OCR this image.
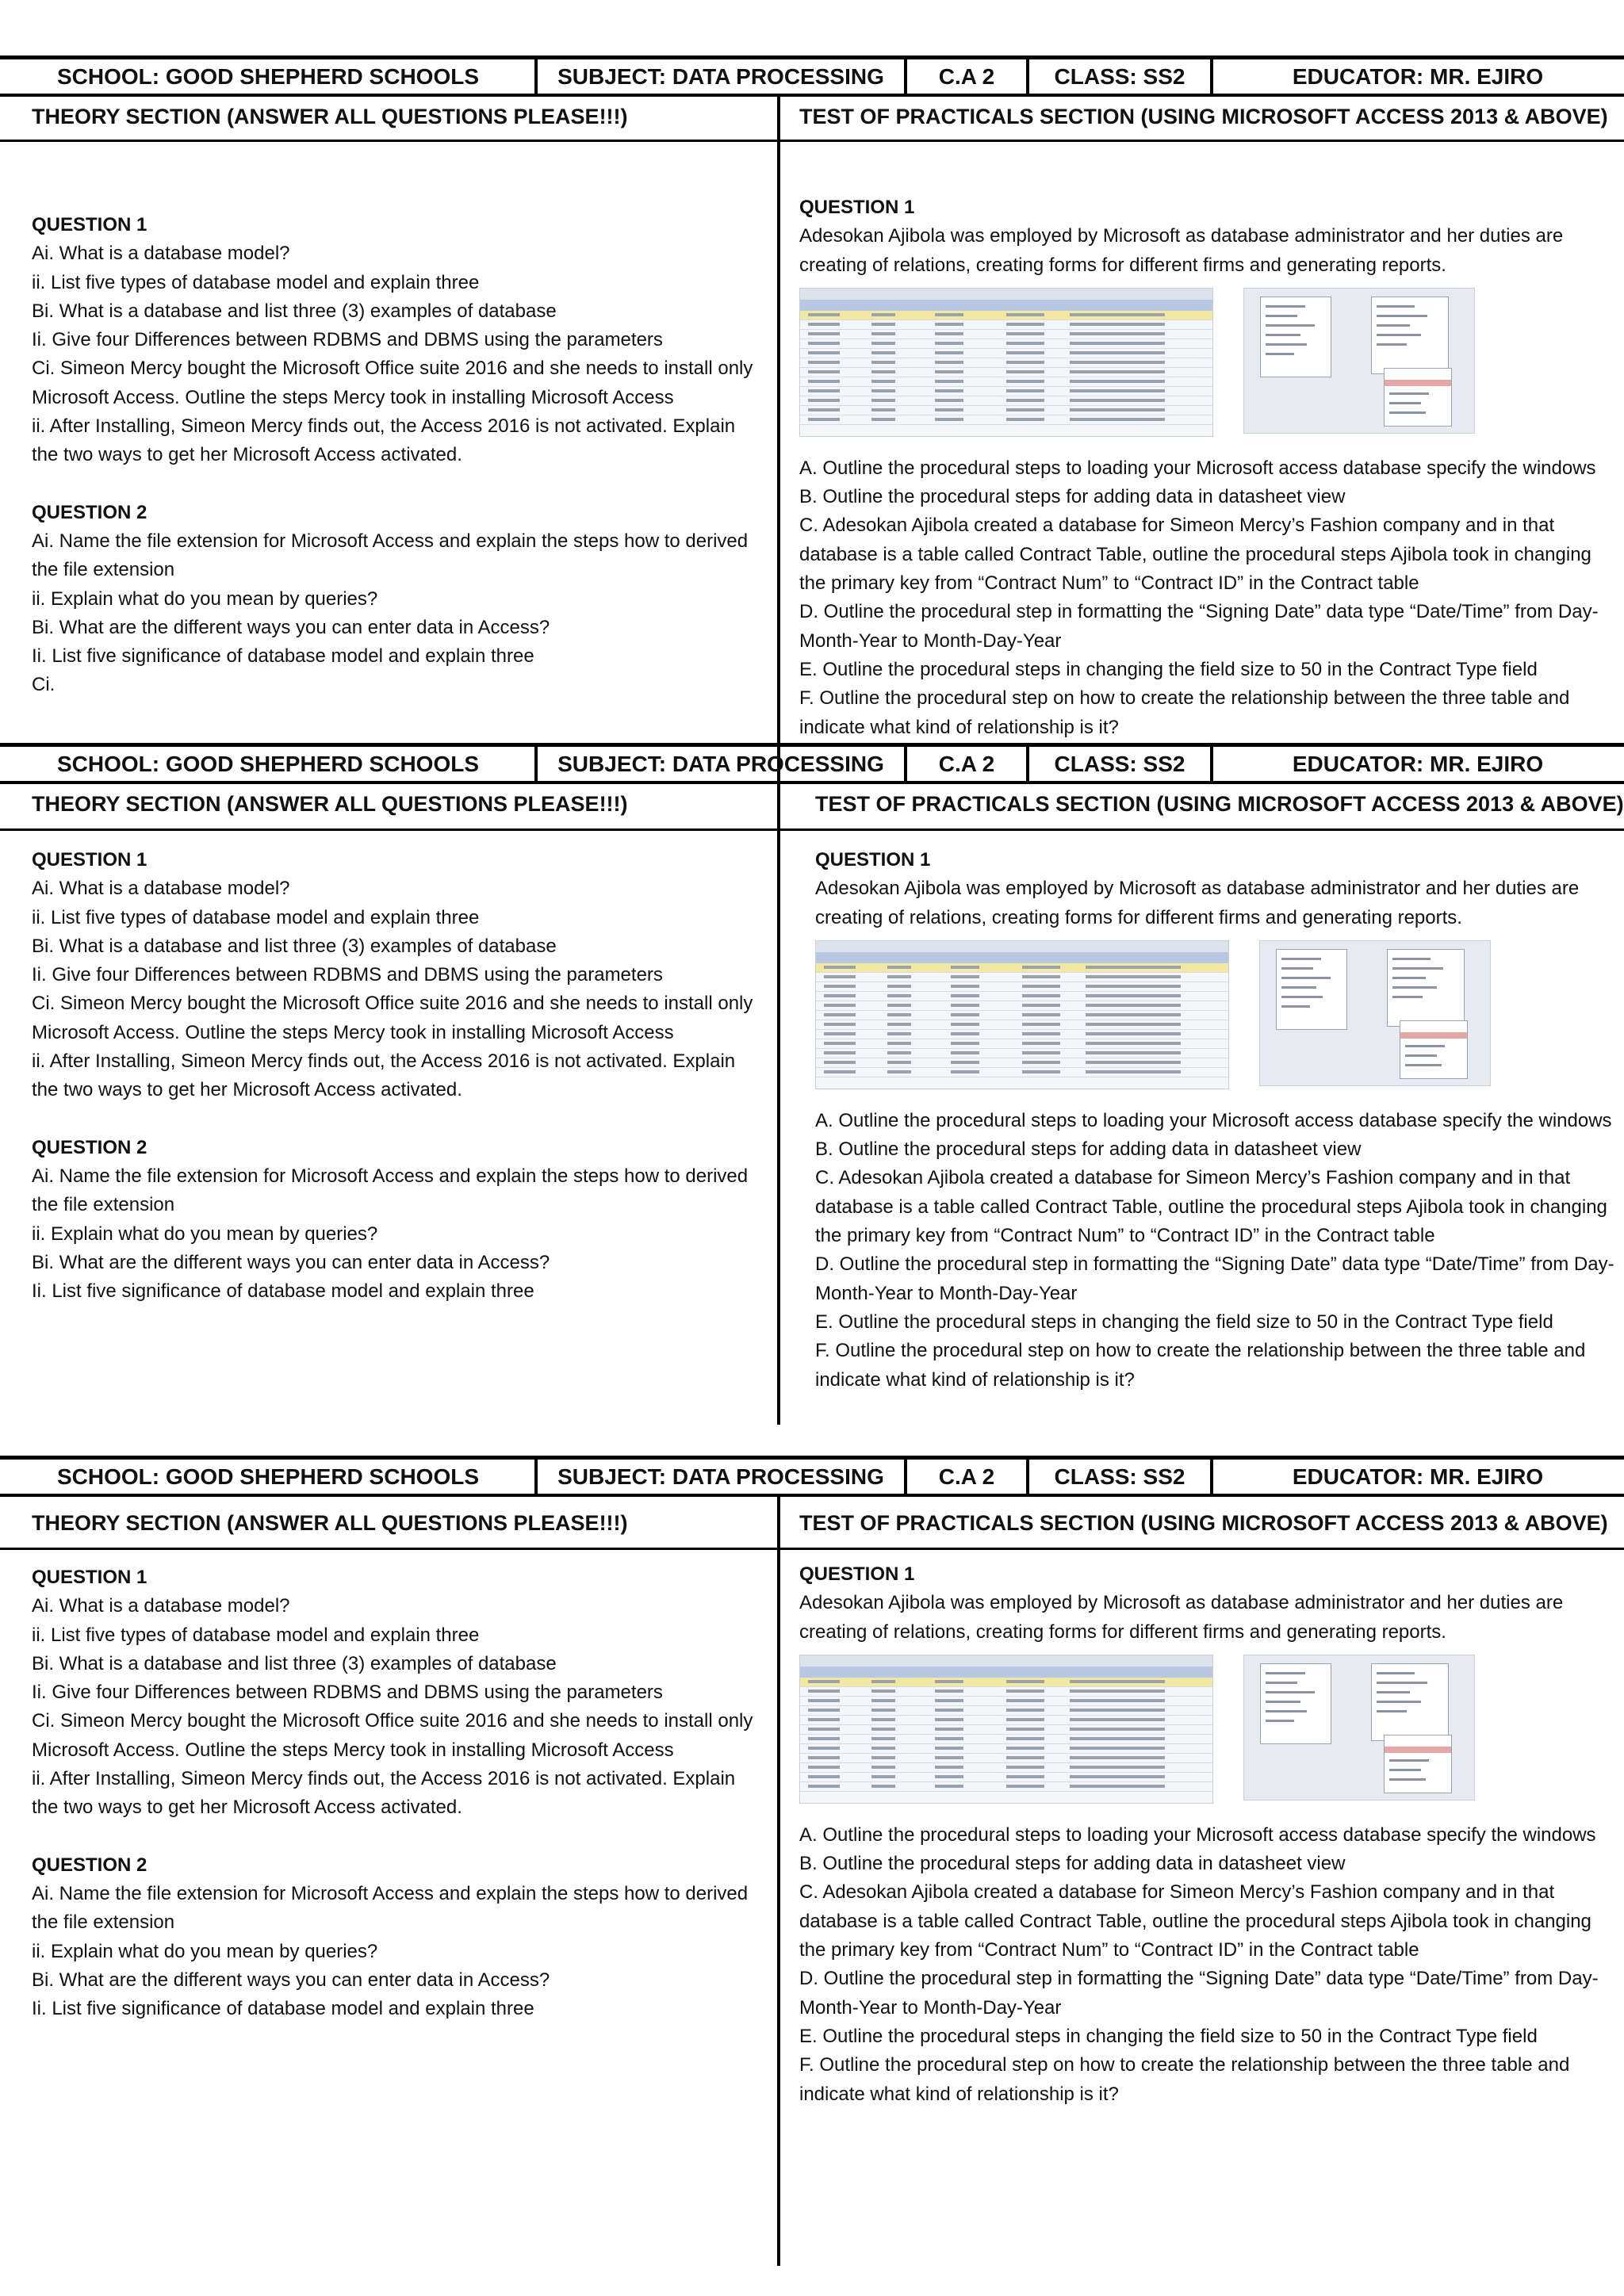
SCHOOL: GOOD SHEPHERD SCHOOLS	SUBJECT: DATA PROCESSING	C.A 2	CLASS: SS2	EDUCATOR: MR. EJIRO
THEORY SECTION (ANSWER ALL QUESTIONS PLEASE!!!)	TEST OF PRACTICALS SECTION (USING MICROSOFT ACCESS 2013 & ABOVE)
QUESTION 1
Ai. What is a database model?
ii. List five types of database model and explain three
Bi. What is a database and list three (3) examples of database
Ii. Give four Differences between RDBMS and DBMS using the parameters
Ci. Simeon Mercy bought the Microsoft Office suite 2016 and she needs to install only Microsoft Access. Outline the steps Mercy took in installing Microsoft Access
ii. After Installing, Simeon Mercy finds out, the Access 2016 is not activated. Explain the two ways to get her Microsoft Access activated.
QUESTION 2
Ai. Name the file extension for Microsoft Access and explain the steps how to derived the file extension
ii. Explain what do you mean by queries?
Bi. What are the different ways you can enter data in Access?
Ii. List five significance of database model and explain three
Ci.
QUESTION 1
Adesokan Ajibola was employed by Microsoft as database administrator and her duties are creating of relations, creating forms for different firms and generating reports.
A. Outline the procedural steps to loading your Microsoft access database specify the windows
B. Outline the procedural steps for adding data in datasheet view
C. Adesokan Ajibola created a database for Simeon Mercy’s Fashion company and in that database is a table called Contract Table, outline the procedural steps Ajibola took in changing the primary key from “Contract Num” to “Contract ID” in the Contract table
D. Outline the procedural step in formatting the “Signing Date” data type “Date/Time” from Day-Month-Year to Month-Day-Year
E. Outline the procedural steps in changing the field size to 50 in the Contract Type field
F. Outline the procedural step on how to create the relationship between the three table and indicate what kind of relationship is it?
SCHOOL: GOOD SHEPHERD SCHOOLS	SUBJECT: DATA PROCESSING	C.A 2	CLASS: SS2	EDUCATOR: MR. EJIRO
THEORY SECTION (ANSWER ALL QUESTIONS PLEASE!!!)	TEST OF PRACTICALS SECTION (USING MICROSOFT ACCESS 2013 & ABOVE)
QUESTION 1
Ai. What is a database model?
ii. List five types of database model and explain three
Bi. What is a database and list three (3) examples of database
Ii. Give four Differences between RDBMS and DBMS using the parameters
Ci. Simeon Mercy bought the Microsoft Office suite 2016 and she needs to install only Microsoft Access. Outline the steps Mercy took in installing Microsoft Access
ii. After Installing, Simeon Mercy finds out, the Access 2016 is not activated. Explain the two ways to get her Microsoft Access activated.
QUESTION 2
Ai. Name the file extension for Microsoft Access and explain the steps how to derived the file extension
ii. Explain what do you mean by queries?
Bi. What are the different ways you can enter data in Access?
Ii. List five significance of database model and explain three
QUESTION 1
Adesokan Ajibola was employed by Microsoft as database administrator and her duties are creating of relations, creating forms for different firms and generating reports.
A. Outline the procedural steps to loading your Microsoft access database specify the windows
B. Outline the procedural steps for adding data in datasheet view
C. Adesokan Ajibola created a database for Simeon Mercy’s Fashion company and in that database is a table called Contract Table, outline the procedural steps Ajibola took in changing the primary key from “Contract Num” to “Contract ID” in the Contract table
D. Outline the procedural step in formatting the “Signing Date” data type “Date/Time” from Day-Month-Year to Month-Day-Year
E. Outline the procedural steps in changing the field size to 50 in the Contract Type field
F. Outline the procedural step on how to create the relationship between the three table and indicate what kind of relationship is it?
SCHOOL: GOOD SHEPHERD SCHOOLS	SUBJECT: DATA PROCESSING	C.A 2	CLASS: SS2	EDUCATOR: MR. EJIRO
THEORY SECTION (ANSWER ALL QUESTIONS PLEASE!!!)	TEST OF PRACTICALS SECTION (USING MICROSOFT ACCESS 2013 & ABOVE)
QUESTION 1
Ai. What is a database model?
ii. List five types of database model and explain three
Bi. What is a database and list three (3) examples of database
Ii. Give four Differences between RDBMS and DBMS using the parameters
Ci. Simeon Mercy bought the Microsoft Office suite 2016 and she needs to install only Microsoft Access. Outline the steps Mercy took in installing Microsoft Access
ii. After Installing, Simeon Mercy finds out, the Access 2016 is not activated. Explain the two ways to get her Microsoft Access activated.
QUESTION 2
Ai. Name the file extension for Microsoft Access and explain the steps how to derived the file extension
ii. Explain what do you mean by queries?
Bi. What are the different ways you can enter data in Access?
Ii. List five significance of database model and explain three
QUESTION 1
Adesokan Ajibola was employed by Microsoft as database administrator and her duties are creating of relations, creating forms for different firms and generating reports.
A. Outline the procedural steps to loading your Microsoft access database specify the windows
B. Outline the procedural steps for adding data in datasheet view
C. Adesokan Ajibola created a database for Simeon Mercy’s Fashion company and in that database is a table called Contract Table, outline the procedural steps Ajibola took in changing the primary key from “Contract Num” to “Contract ID” in the Contract table
D. Outline the procedural step in formatting the “Signing Date” data type “Date/Time” from Day-Month-Year to Month-Day-Year
E. Outline the procedural steps in changing the field size to 50 in the Contract Type field
F. Outline the procedural step on how to create the relationship between the three table and indicate what kind of relationship is it?
